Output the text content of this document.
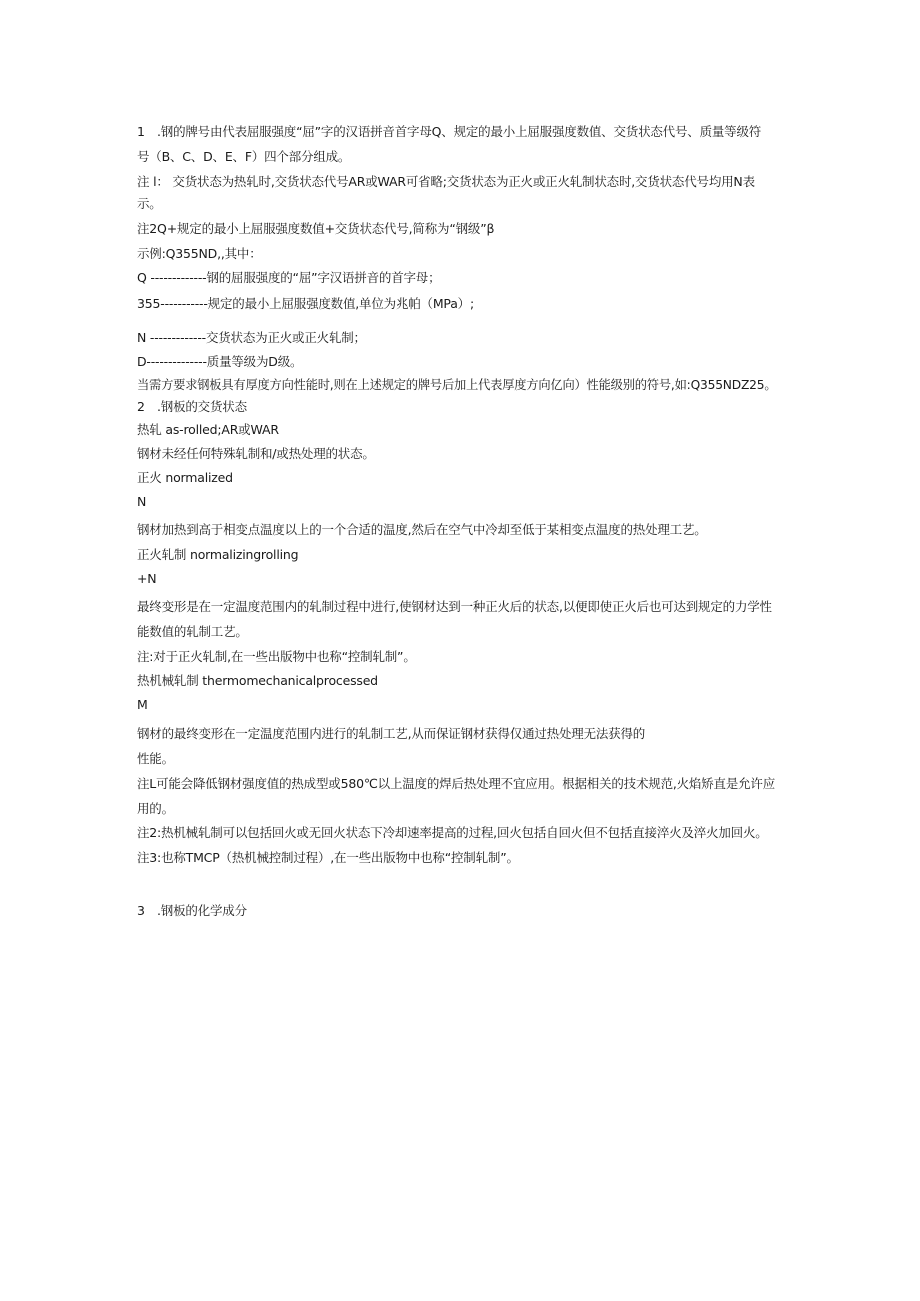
1 .钢的牌号由代表屈服强度“屈”字的汉语拼音首字母Q、规定的最小上屈服强度数值、交货状态代号、质量等级符
号（B、C、D、E、F）四个部分组成。
注 l： 交货状态为热轧时,交货状态代号AR或WAR可省略;交货状态为正火或正火轧制状态时,交货状态代号均用N表
示。
注2Q+规定的最小上屈服强度数值+交货状态代号,简称为“钢级”β
示例:Q355ND,,其中：
Q -------------钢的屈服强度的“屈”字汉语拼音的首字母；
355-----------规定的最小上屈服强度数值,单位为兆帕（MPa）;
N -------------交货状态为正火或正火轧制；
D--------------质量等级为D级。
当需方要求钢板具有厚度方向性能时,则在上述规定的牌号后加上代表厚度方向亿向）性能级别的符号,如:Q355NDZ25。
2 .钢板的交货状态
热轧 as-rolled;AR或WAR
钢材未经任何特殊轧制和/或热处理的状态。
正火 normalized
N
钢材加热到高于相变点温度以上的一个合适的温度,然后在空气中冷却至低于某相变点温度的热处理工艺。
正火轧制 normalizingrolling
+N
最终变形是在一定温度范围内的轧制过程中进行,使钢材达到一种正火后的状态,以便即使正火后也可达到规定的力学性
能数值的轧制工艺。
注:对于正火轧制,在一些出版物中也称“控制轧制”。
热机械轧制 thermomechanicalprocessed
M
钢材的最终变形在一定温度范围内进行的轧制工艺,从而保证钢材获得仅通过热处理无法获得的
性能。
注L可能会降低钢材强度值的热成型或580℃以上温度的焊后热处理不宜应用。根据相关的技术规范,火焰矫直是允许应
用的。
注2:热机械轧制可以包括回火或无回火状态下冷却速率提高的过程,回火包括自回火但不包括直接淬火及淬火加回火。
注3:也称TMCP（热机械控制过程）,在一些出版物中也称“控制轧制”。
3 .钢板的化学成分
